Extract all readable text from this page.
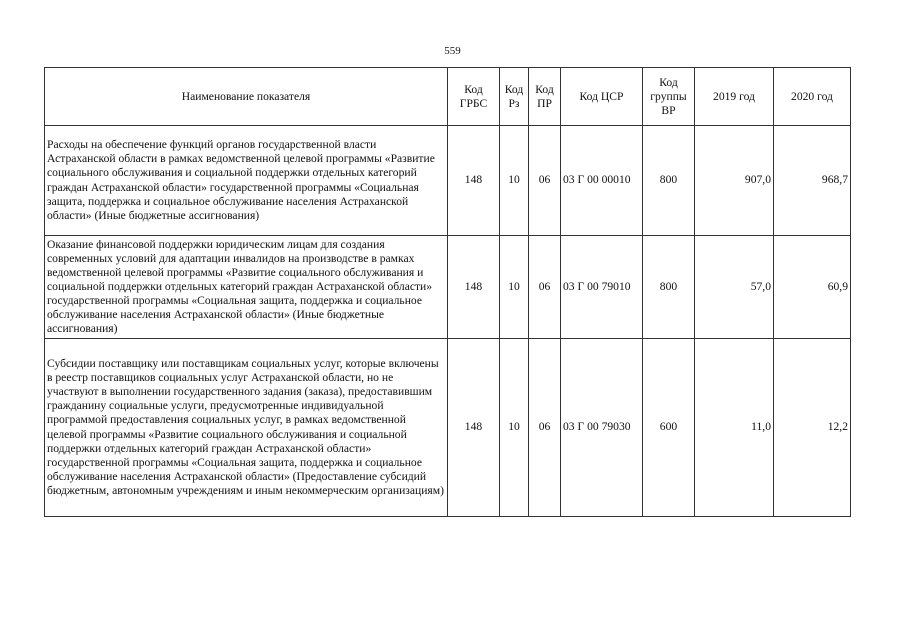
559
Наименование показателя	Код ГРБС	Код Рз	Код ПР	Код ЦСР	Код группы ВР	2019 год	2020 год
Расходы на обеспечение функций органов государственной власти Астраханской области в рамках ведомственной целевой программы «Развитие социального обслуживания и социальной поддержки отдельных категорий граждан Астраханской области» государственной программы «Социальная защита, поддержка и социальное обслуживание населения Астраханской области» (Иные бюджетные ассигнования)	148	10	06	03 Г 00 00010	800	907,0	968,7
Оказание финансовой поддержки юридическим лицам для создания современных условий для адаптации инвалидов на производстве в рамках ведомственной целевой программы «Развитие социального обслуживания и социальной поддержки отдельных категорий граждан Астраханской области» государственной программы «Социальная защита, поддержка и социальное обслуживание населения Астраханской области» (Иные бюджетные ассигнования)	148	10	06	03 Г 00 79010	800	57,0	60,9
Субсидии поставщику или поставщикам социальных услуг, которые включены в реестр поставщиков социальных услуг Астраханской области, но не участвуют в выполнении государственного задания (заказа), предоставившим гражданину социальные услуги, предусмотренные индивидуальной программой предоставления социальных услуг, в рамках ведомственной целевой программы «Развитие социального обслуживания и социальной поддержки отдельных категорий граждан Астраханской области» государственной программы «Социальная защита, поддержка и социальное обслуживание населения Астраханской области» (Предоставление субсидий бюджетным, автономным учреждениям и иным некоммерческим организациям)	148	10	06	03 Г 00 79030	600	11,0	12,2
